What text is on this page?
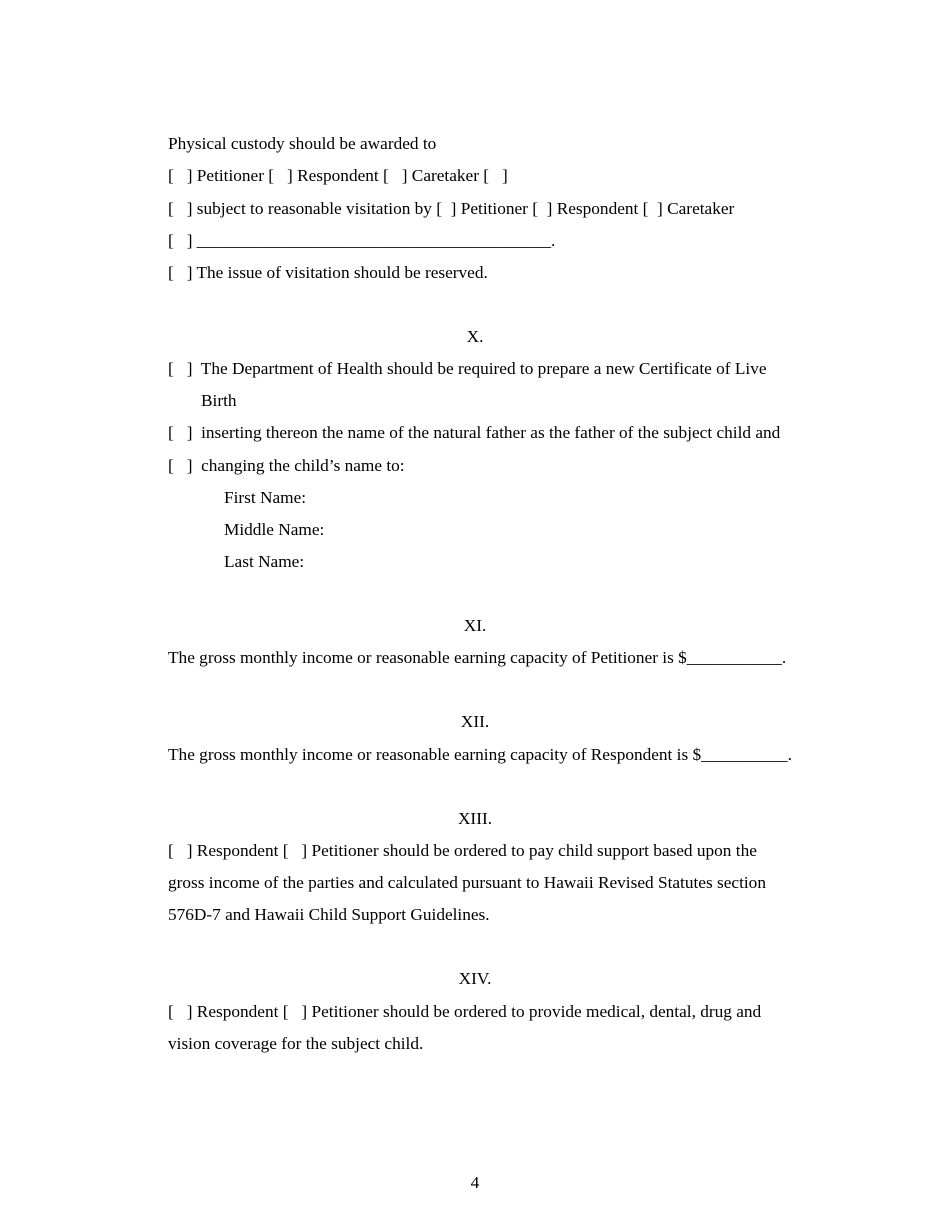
Physical custody should be awarded to
[   ] Petitioner [   ] Respondent [   ] Caretaker [   ]
[   ] subject to reasonable visitation by [  ] Petitioner [  ] Respondent [  ] Caretaker
[   ] _________________________________________.
[   ] The issue of visitation should be reserved.
X.
[   ]  The Department of Health should be required to prepare a new Certificate of Live
Birth
[   ]  inserting thereon the name of the natural father as the father of the subject child and
[   ]  changing the child’s name to:
First Name:
Middle Name:
Last Name:
XI.
The gross monthly income or reasonable earning capacity of Petitioner is $___________.
XII.
The gross monthly income or reasonable earning capacity of Respondent is $__________.
XIII.
[   ] Respondent [   ] Petitioner should be ordered to pay child support based upon the
gross income of the parties and calculated pursuant to Hawaii Revised Statutes section
576D-7 and Hawaii Child Support Guidelines.
XIV.
[   ] Respondent [   ] Petitioner should be ordered to provide medical, dental, drug and
vision coverage for the subject child.
4
